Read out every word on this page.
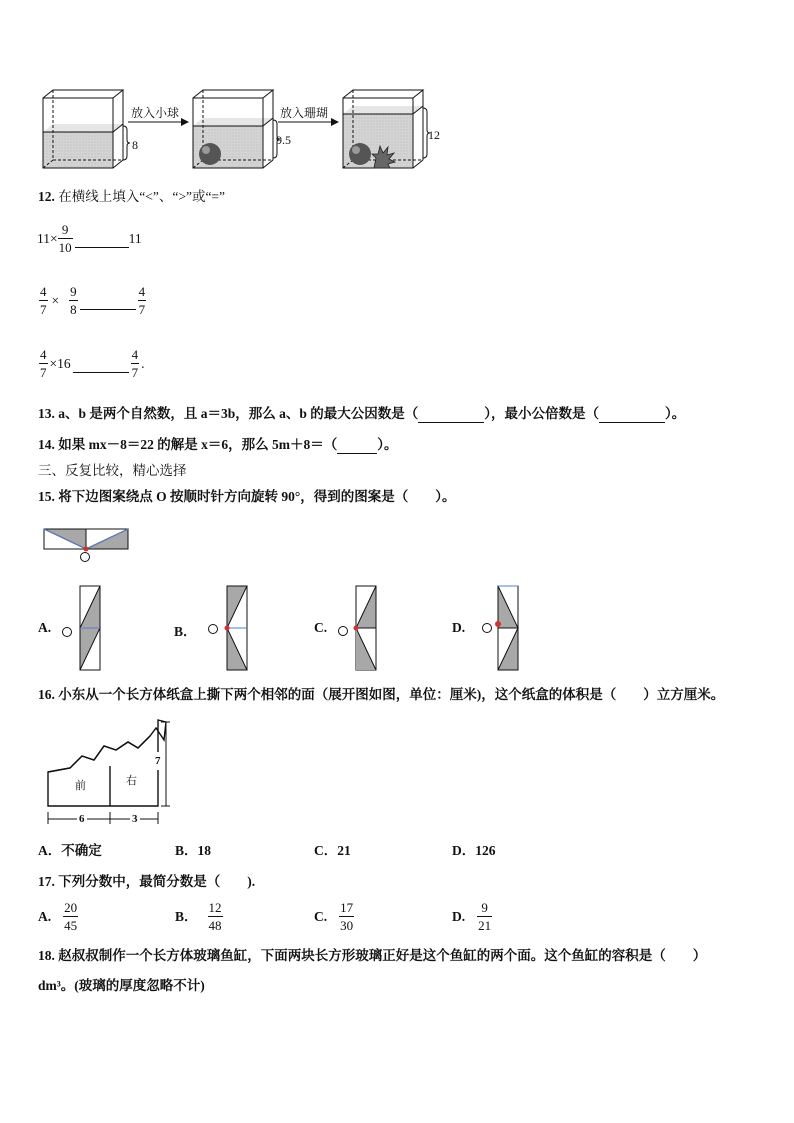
放入小球	放入珊瑚
8	9.5	12
12. 在横线上填入“<”、“>”或“=”
$11\times \frac{9}{10}$	11
$\frac{4}{7} \times \frac{9}{8}$	$\frac{4}{7}$
$\frac{4}{7} \times 16$	$\frac{4}{7}$ .
13. a、b 是两个自然数，且 a＝3b，那么 a、b 的最大公因数是（	），最小公倍数是（	）。
14. 如果 mx－8＝22 的解是 x＝6，那么 5m＋8＝（	）。
三、反复比较，精心选择
15. 将下边图案绕点 O 按顺时针方向旋转 90°，得到的图案是（　　）。
A.	B．	C.	D.
16. 小东从一个长方体纸盒上撕下两个相邻的面（展开图如图，单位：厘米)，这个纸盒的体积是（　　）立方厘米。
前	右
6	3
7
A．不确定	B．18	C．21	D．126
17. 下列分数中，最简分数是（　　).
A. $\frac{20}{45}$	B． $\frac{12}{48}$	C. $\frac{17}{30}$	D. $\frac{9}{21}$
18. 赵叔叔制作一个长方体玻璃鱼缸，下面两块长方形玻璃正好是这个鱼缸的两个面。这个鱼缸的容积是（　　）
dm³。(玻璃的厚度忽略不计)
